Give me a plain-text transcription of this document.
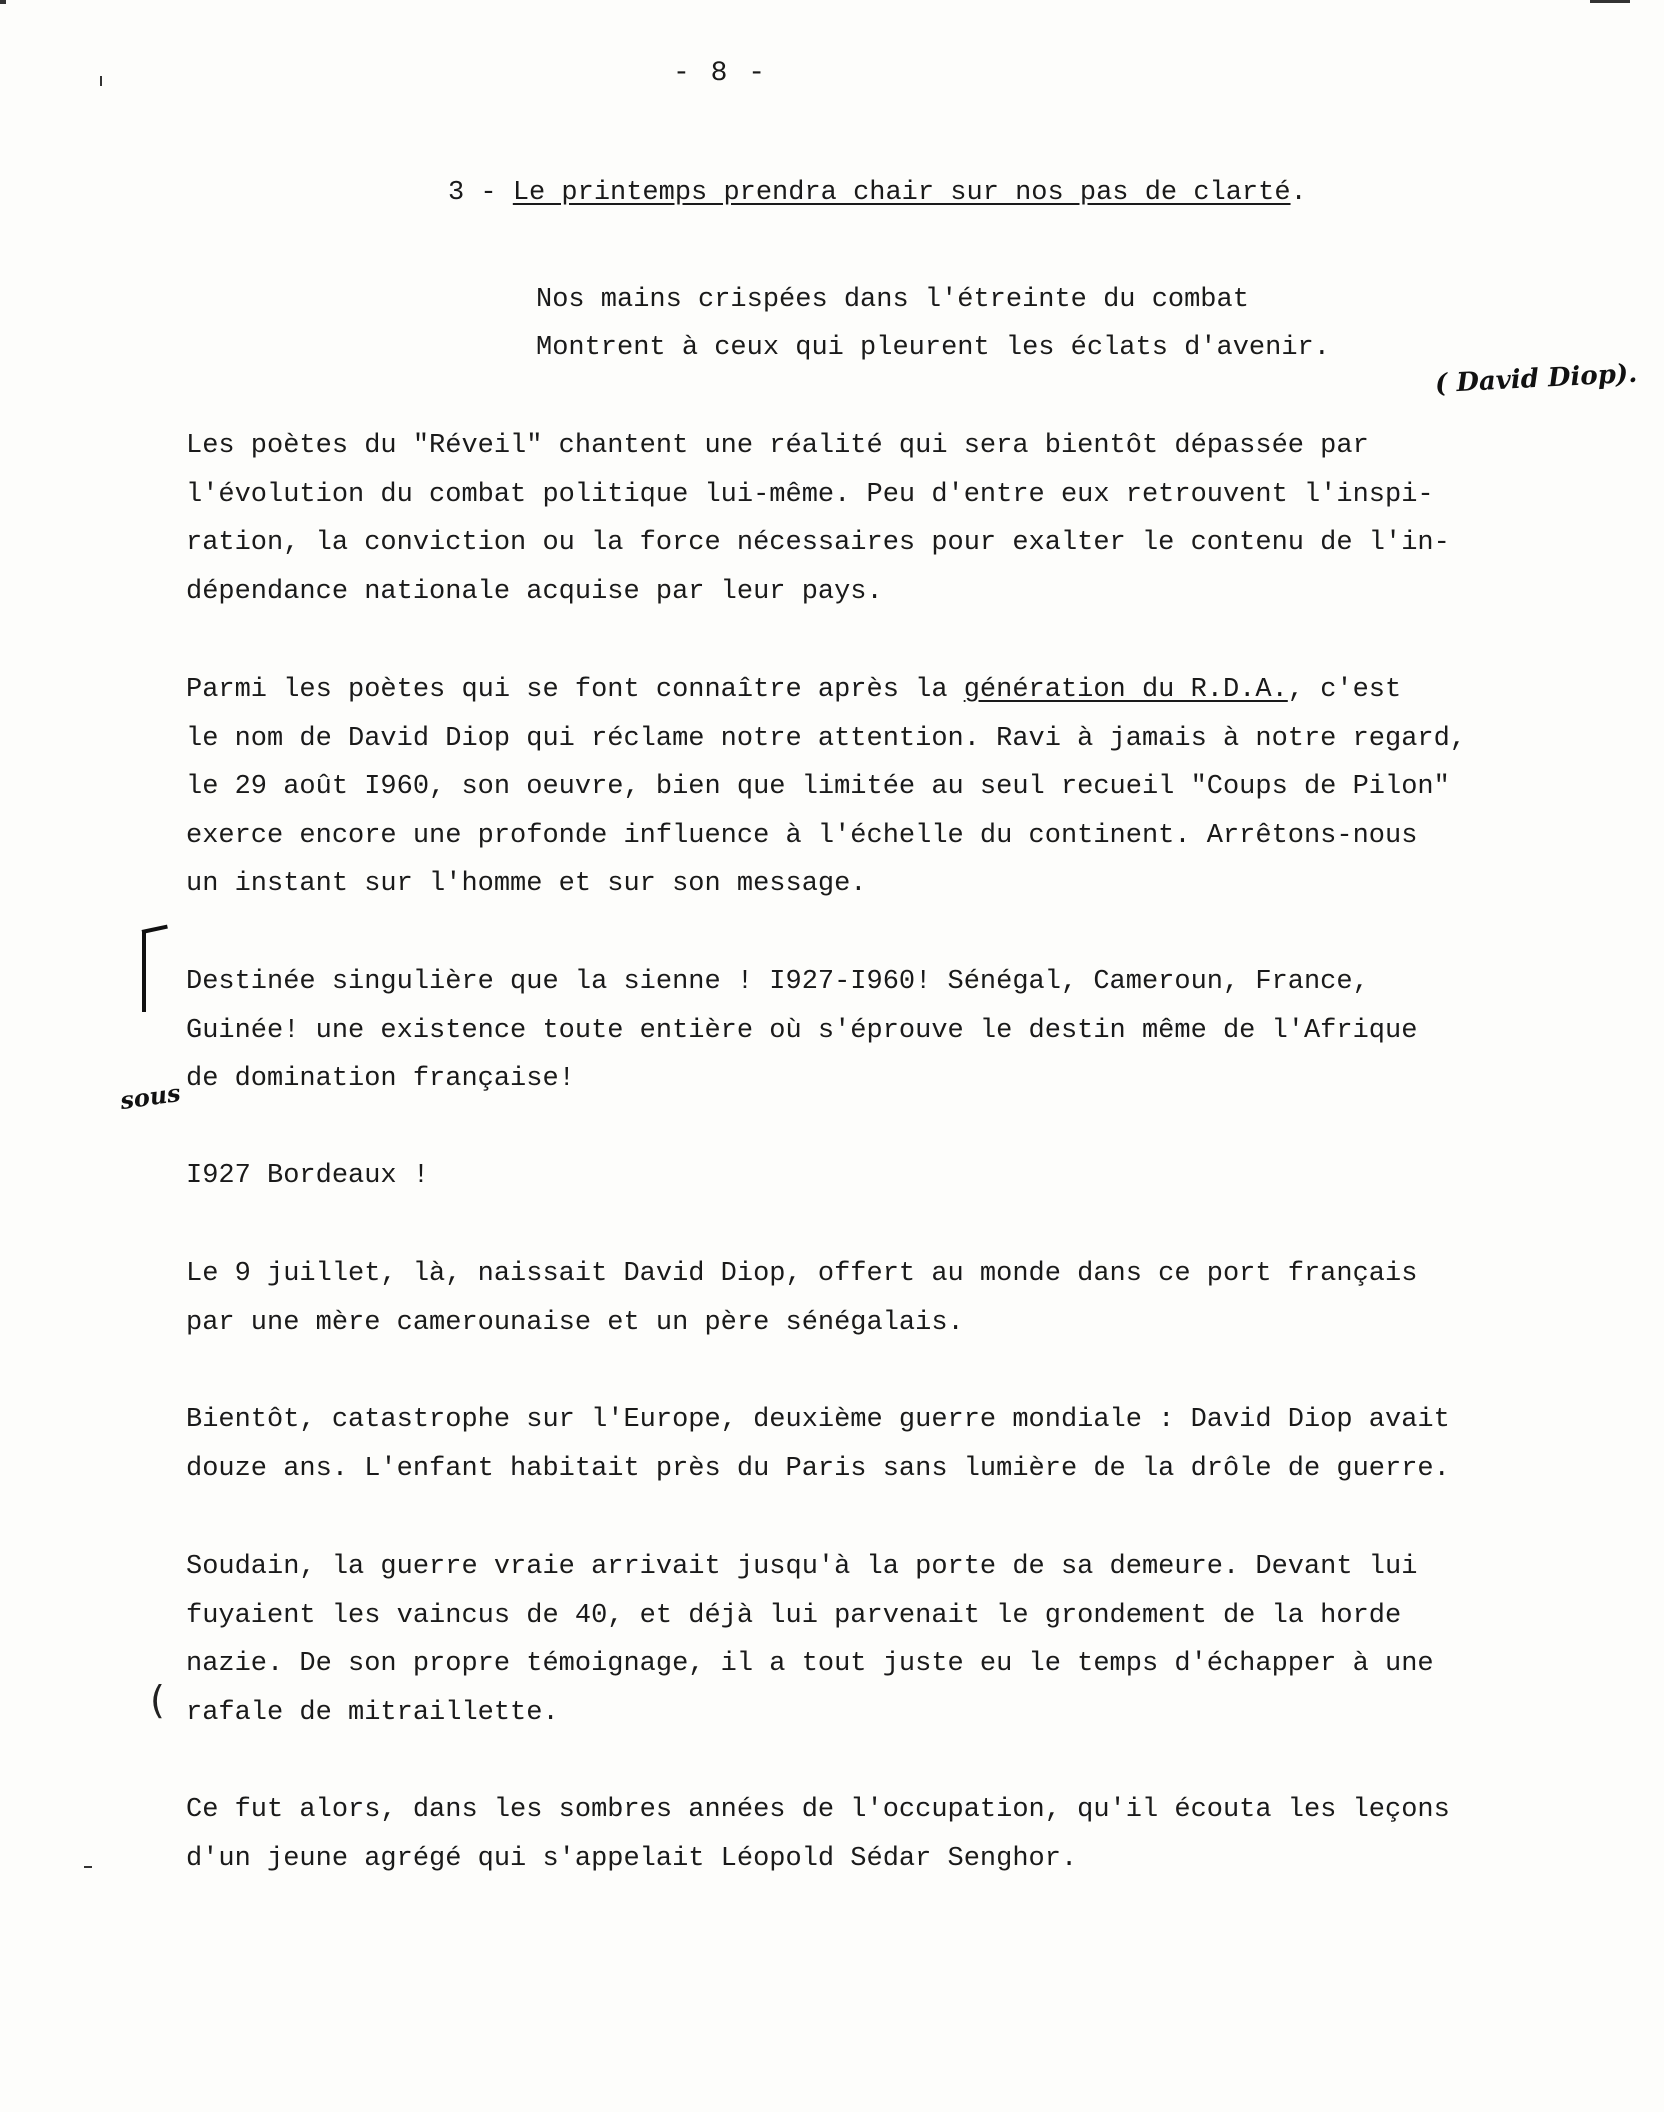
- 8 -
3 - Le printemps prendra chair sur nos pas de clarté.
Nos mains crispées dans l'étreinte du combat
Montrent à ceux qui pleurent les éclats d'avenir.
( David Diop).
Les poètes du "Réveil" chantent une réalité qui sera bientôt dépassée par
l'évolution du combat politique lui-même. Peu d'entre eux retrouvent l'inspi-
ration, la conviction ou la force nécessaires pour exalter le contenu de l'in-
dépendance nationale acquise par leur pays.
Parmi les poètes qui se font connaître après la génération du R.D.A., c'est
le nom de David Diop qui réclame notre attention. Ravi à jamais à notre regard,
le 29 août I960, son oeuvre, bien que limitée au seul recueil "Coups de Pilon"
exerce encore une profonde influence à l'échelle du continent. Arrêtons-nous
un instant sur l'homme et sur son message.
Destinée singulière que la sienne ! I927-I960! Sénégal, Cameroun, France,
Guinée! une existence toute entière où s'éprouve le destin même de l'Afrique
de domination française!
sous
I927 Bordeaux !
Le 9 juillet, là, naissait David Diop, offert au monde dans ce port français
par une mère camerounaise et un père sénégalais.
Bientôt, catastrophe sur l'Europe, deuxième guerre mondiale : David Diop avait
douze ans. L'enfant habitait près du Paris sans lumière de la drôle de guerre.
Soudain, la guerre vraie arrivait jusqu'à la porte de sa demeure. Devant lui
fuyaient les vaincus de 40, et déjà lui parvenait le grondement de la horde
nazie. De son propre témoignage, il a tout juste eu le temps d'échapper à une
rafale de mitraillette.
(
Ce fut alors, dans les sombres années de l'occupation, qu'il écouta les leçons
d'un jeune agrégé qui s'appelait Léopold Sédar Senghor.
